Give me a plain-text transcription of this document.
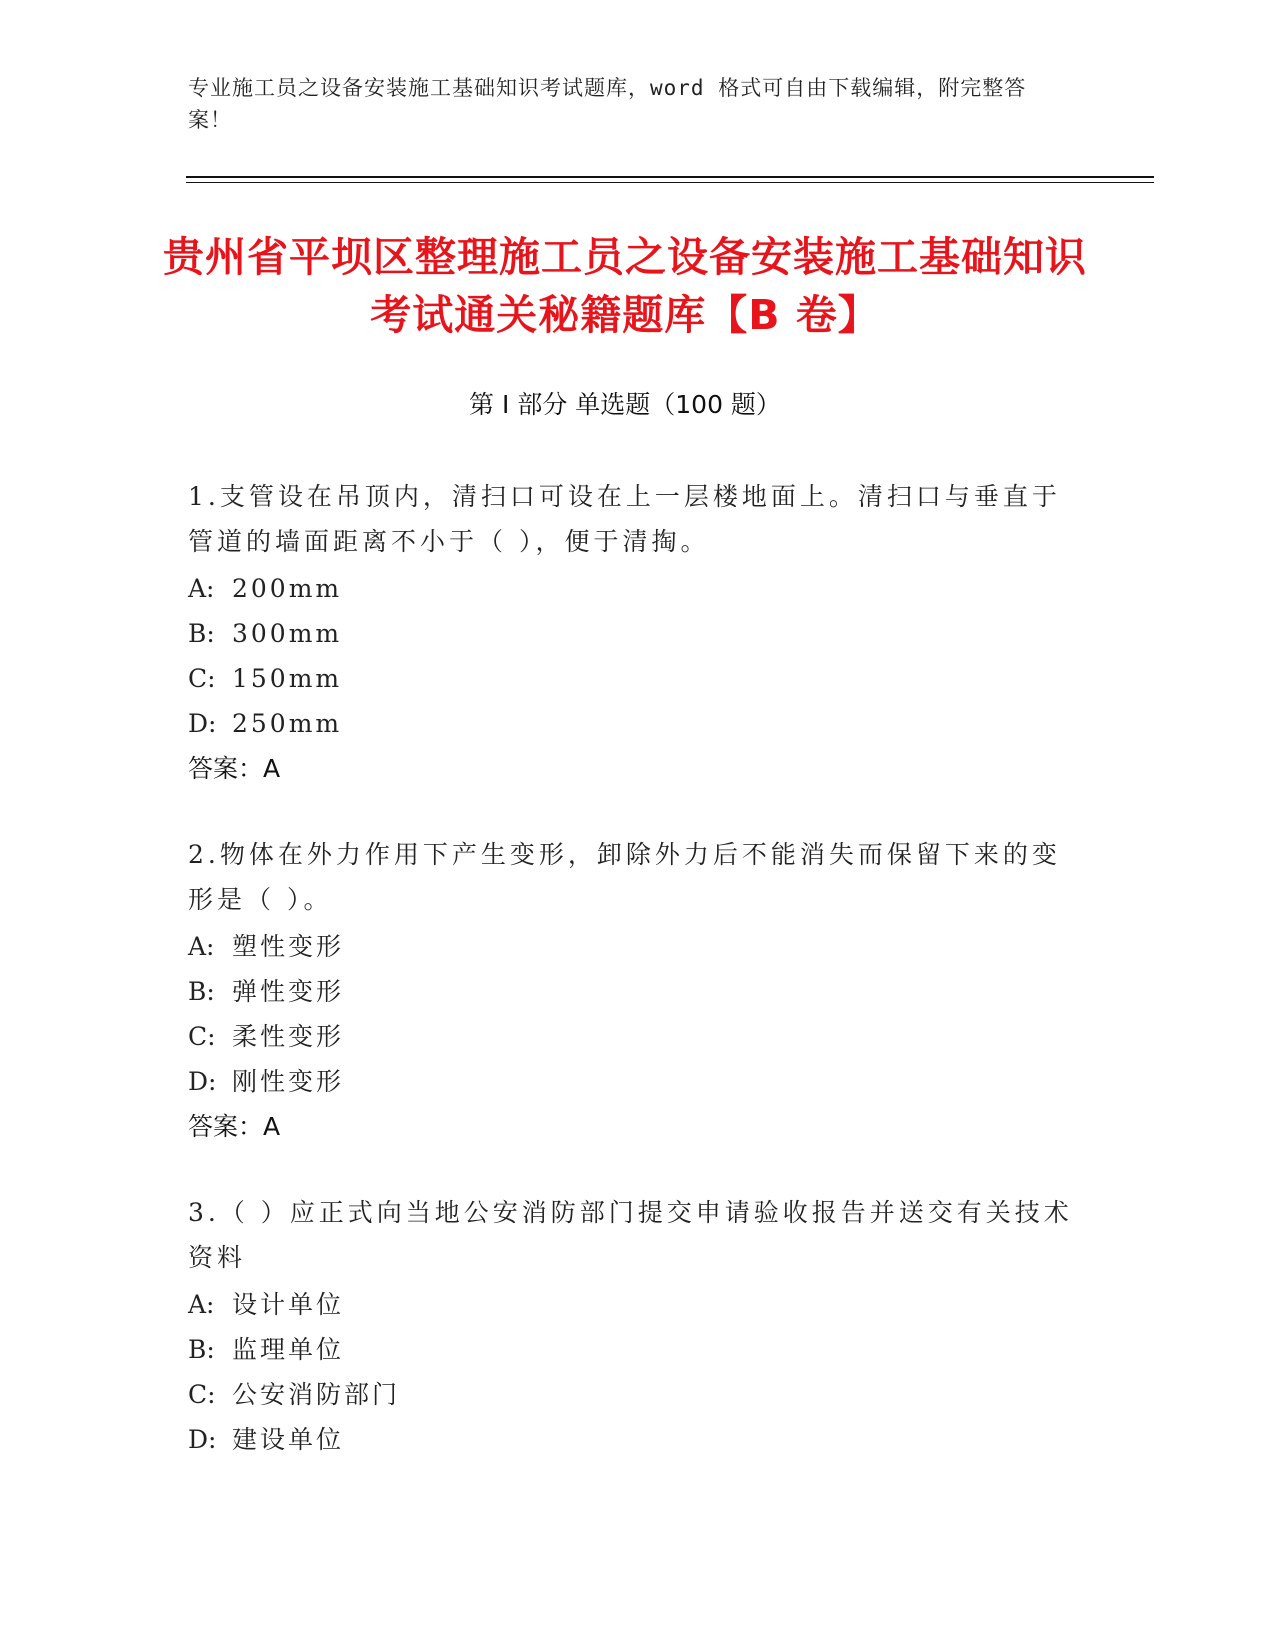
专业施工员之设备安装施工基础知识考试题库，word 格式可自由下载编辑，附完整答案！
贵州省平坝区整理施工员之设备安装施工基础知识考试通关秘籍题库【B 卷】
第 I 部分 单选题（100 题）
1.支管设在吊顶内，清扫口可设在上一层楼地面上。清扫口与垂直于管道的墙面距离不小于（ ），便于清掏。
A: 200mm
B: 300mm
C: 150mm
D: 250mm
答案：A
2.物体在外力作用下产生变形，卸除外力后不能消失而保留下来的变形是（ ）。
A: 塑性变形
B: 弹性变形
C: 柔性变形
D: 刚性变形
答案：A
3.（ ）应正式向当地公安消防部门提交申请验收报告并送交有关技术资料
A: 设计单位
B: 监理单位
C: 公安消防部门
D: 建设单位
